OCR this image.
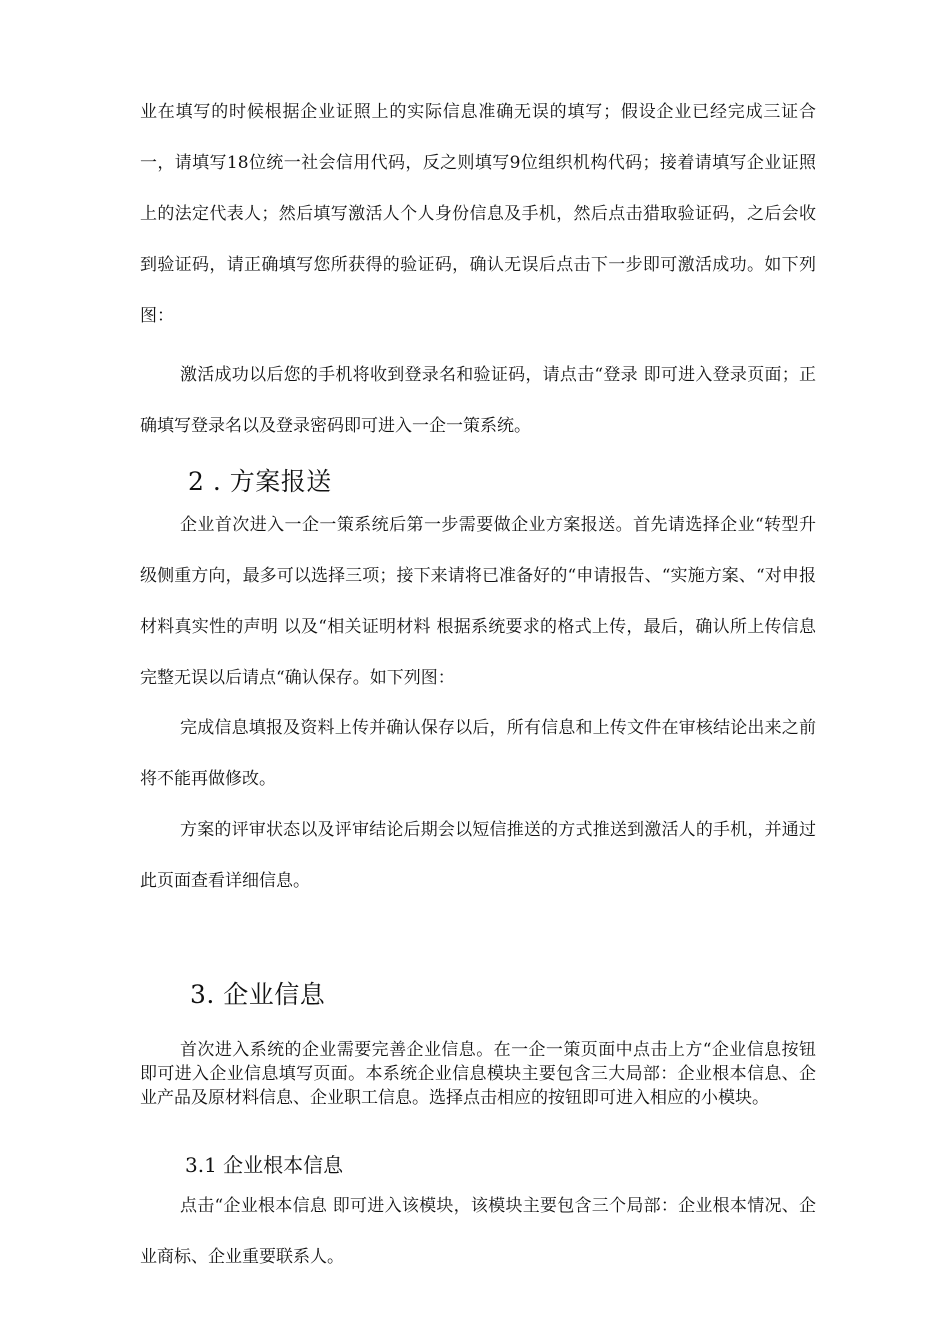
业在填写的时候根据企业证照上的实际信息准确无误的填写；假设企业已经完成三证合一，请填写18位统一社会信用代码，反之则填写9位组织机构代码；接着请填写企业证照上的法定代表人；然后填写激活人个人身份信息及手机，然后点击猎取验证码，之后会收到验证码，请正确填写您所获得的验证码，确认无误后点击下一步即可激活成功。如下列图：

激活成功以后您的手机将收到登录名和验证码，请点击“登录 即可进入登录页面；正确填写登录名以及登录密码即可进入一企一策系统。

2 . 方案报送

企业首次进入一企一策系统后第一步需要做企业方案报送。首先请选择企业“转型升级侧重方向，最多可以选择三项；接下来请将已准备好的“申请报告、“实施方案、“对申报材料真实性的声明 以及“相关证明材料 根据系统要求的格式上传，最后，确认所上传信息完整无误以后请点“确认保存。如下列图：

完成信息填报及资料上传并确认保存以后，所有信息和上传文件在审核结论出来之前将不能再做修改。

方案的评审状态以及评审结论后期会以短信推送的方式推送到激活人的手机，并通过此页面查看详细信息。

3. 企业信息

首次进入系统的企业需要完善企业信息。在一企一策页面中点击上方“企业信息按钮即可进入企业信息填写页面。本系统企业信息模块主要包含三大局部：企业根本信息、企业产品及原材料信息、企业职工信息。选择点击相应的按钮即可进入相应的小模块。

3.1 企业根本信息

点击“企业根本信息 即可进入该模块，该模块主要包含三个局部：企业根本情况、企业商标、企业重要联系人。
